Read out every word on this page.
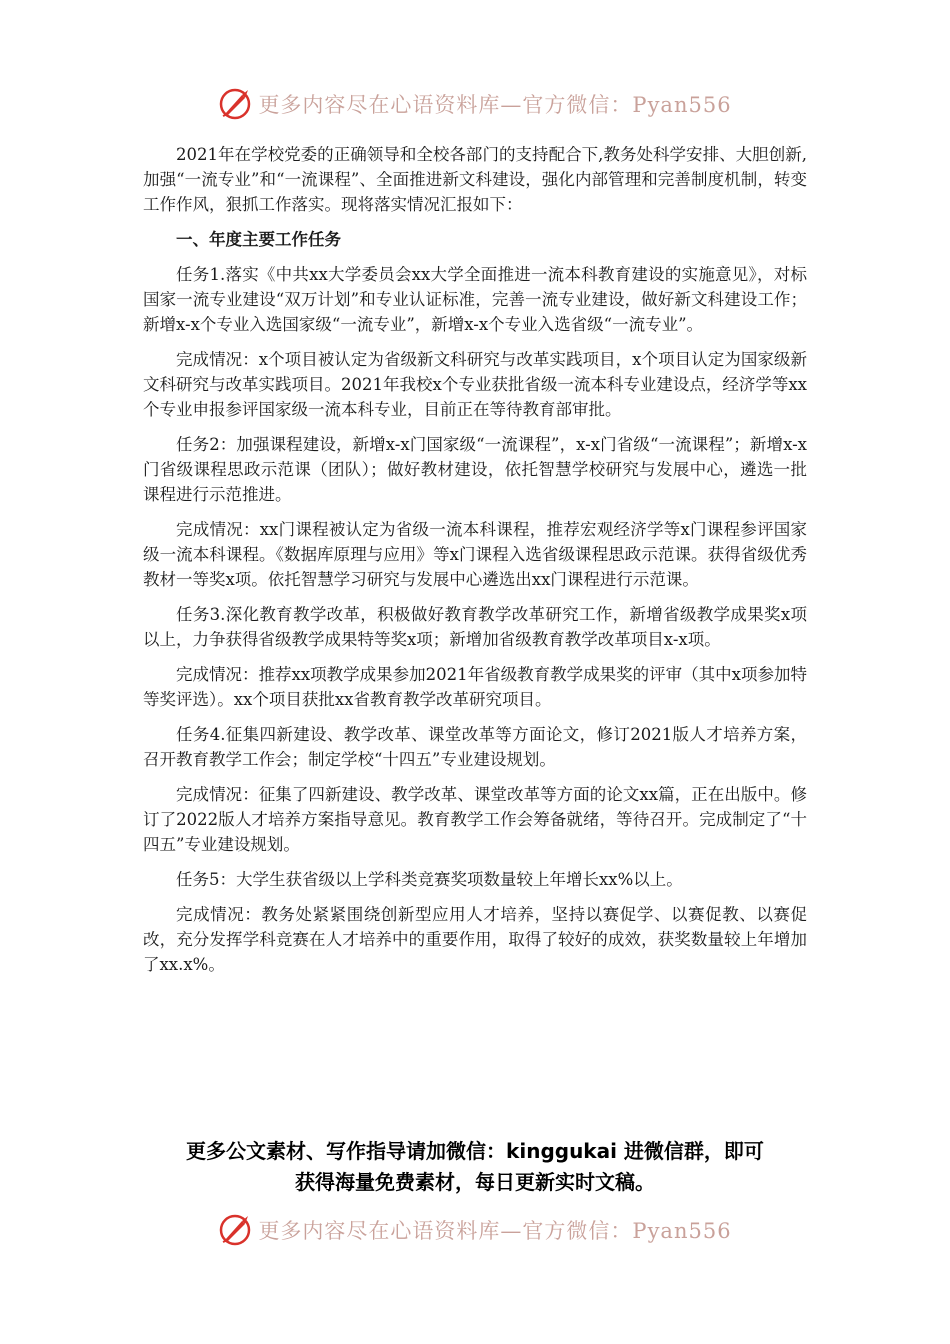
更多内容尽在心语资料库—官方微信：Pyan556

2021年在学校党委的正确领导和全校各部门的支持配合下,教务处科学安排、大胆创新,加强“一流专业”和“一流课程”、全面推进新文科建设，强化内部管理和完善制度机制，转变工作作风，狠抓工作落实。现将落实情况汇报如下：

一、年度主要工作任务

任务1.落实《中共xx大学委员会xx大学全面推进一流本科教育建设的实施意见》，对标国家一流专业建设“双万计划”和专业认证标准，完善一流专业建设，做好新文科建设工作；新增x-x个专业入选国家级“一流专业”，新增x-x个专业入选省级“一流专业”。

完成情况：x个项目被认定为省级新文科研究与改革实践项目，x个项目认定为国家级新文科研究与改革实践项目。2021年我校x个专业获批省级一流本科专业建设点，经济学等xx个专业申报参评国家级一流本科专业，目前正在等待教育部审批。

任务2：加强课程建设，新增x-x门国家级“一流课程”，x-x门省级“一流课程”；新增x-x门省级课程思政示范课（团队）；做好教材建设，依托智慧学校研究与发展中心，遴选一批课程进行示范推进。

完成情况：xx门课程被认定为省级一流本科课程，推荐宏观经济学等x门课程参评国家级一流本科课程。《数据库原理与应用》等x门课程入选省级课程思政示范课。获得省级优秀教材一等奖x项。依托智慧学习研究与发展中心遴选出xx门课程进行示范课。

任务3.深化教育教学改革，积极做好教育教学改革研究工作，新增省级教学成果奖x项以上，力争获得省级教学成果特等奖x项；新增加省级教育教学改革项目x-x项。

完成情况：推荐xx项教学成果参加2021年省级教育教学成果奖的评审（其中x项参加特等奖评选）。xx个项目获批xx省教育教学改革研究项目。

任务4.征集四新建设、教学改革、课堂改革等方面论文，修订2021版人才培养方案，召开教育教学工作会；制定学校“十四五”专业建设规划。

完成情况：征集了四新建设、教学改革、课堂改革等方面的论文xx篇，正在出版中。修订了2022版人才培养方案指导意见。教育教学工作会筹备就绪，等待召开。完成制定了“十四五”专业建设规划。

任务5：大学生获省级以上学科类竞赛奖项数量较上年增长xx%以上。

完成情况：教务处紧紧围绕创新型应用人才培养，坚持以赛促学、以赛促教、以赛促改，充分发挥学科竞赛在人才培养中的重要作用，取得了较好的成效，获奖数量较上年增加了xx.x%。

更多公文素材、写作指导请加微信：kinggukai 进微信群，即可
获得海量免费素材，每日更新实时文稿。
更多内容尽在心语资料库—官方微信：Pyan556
